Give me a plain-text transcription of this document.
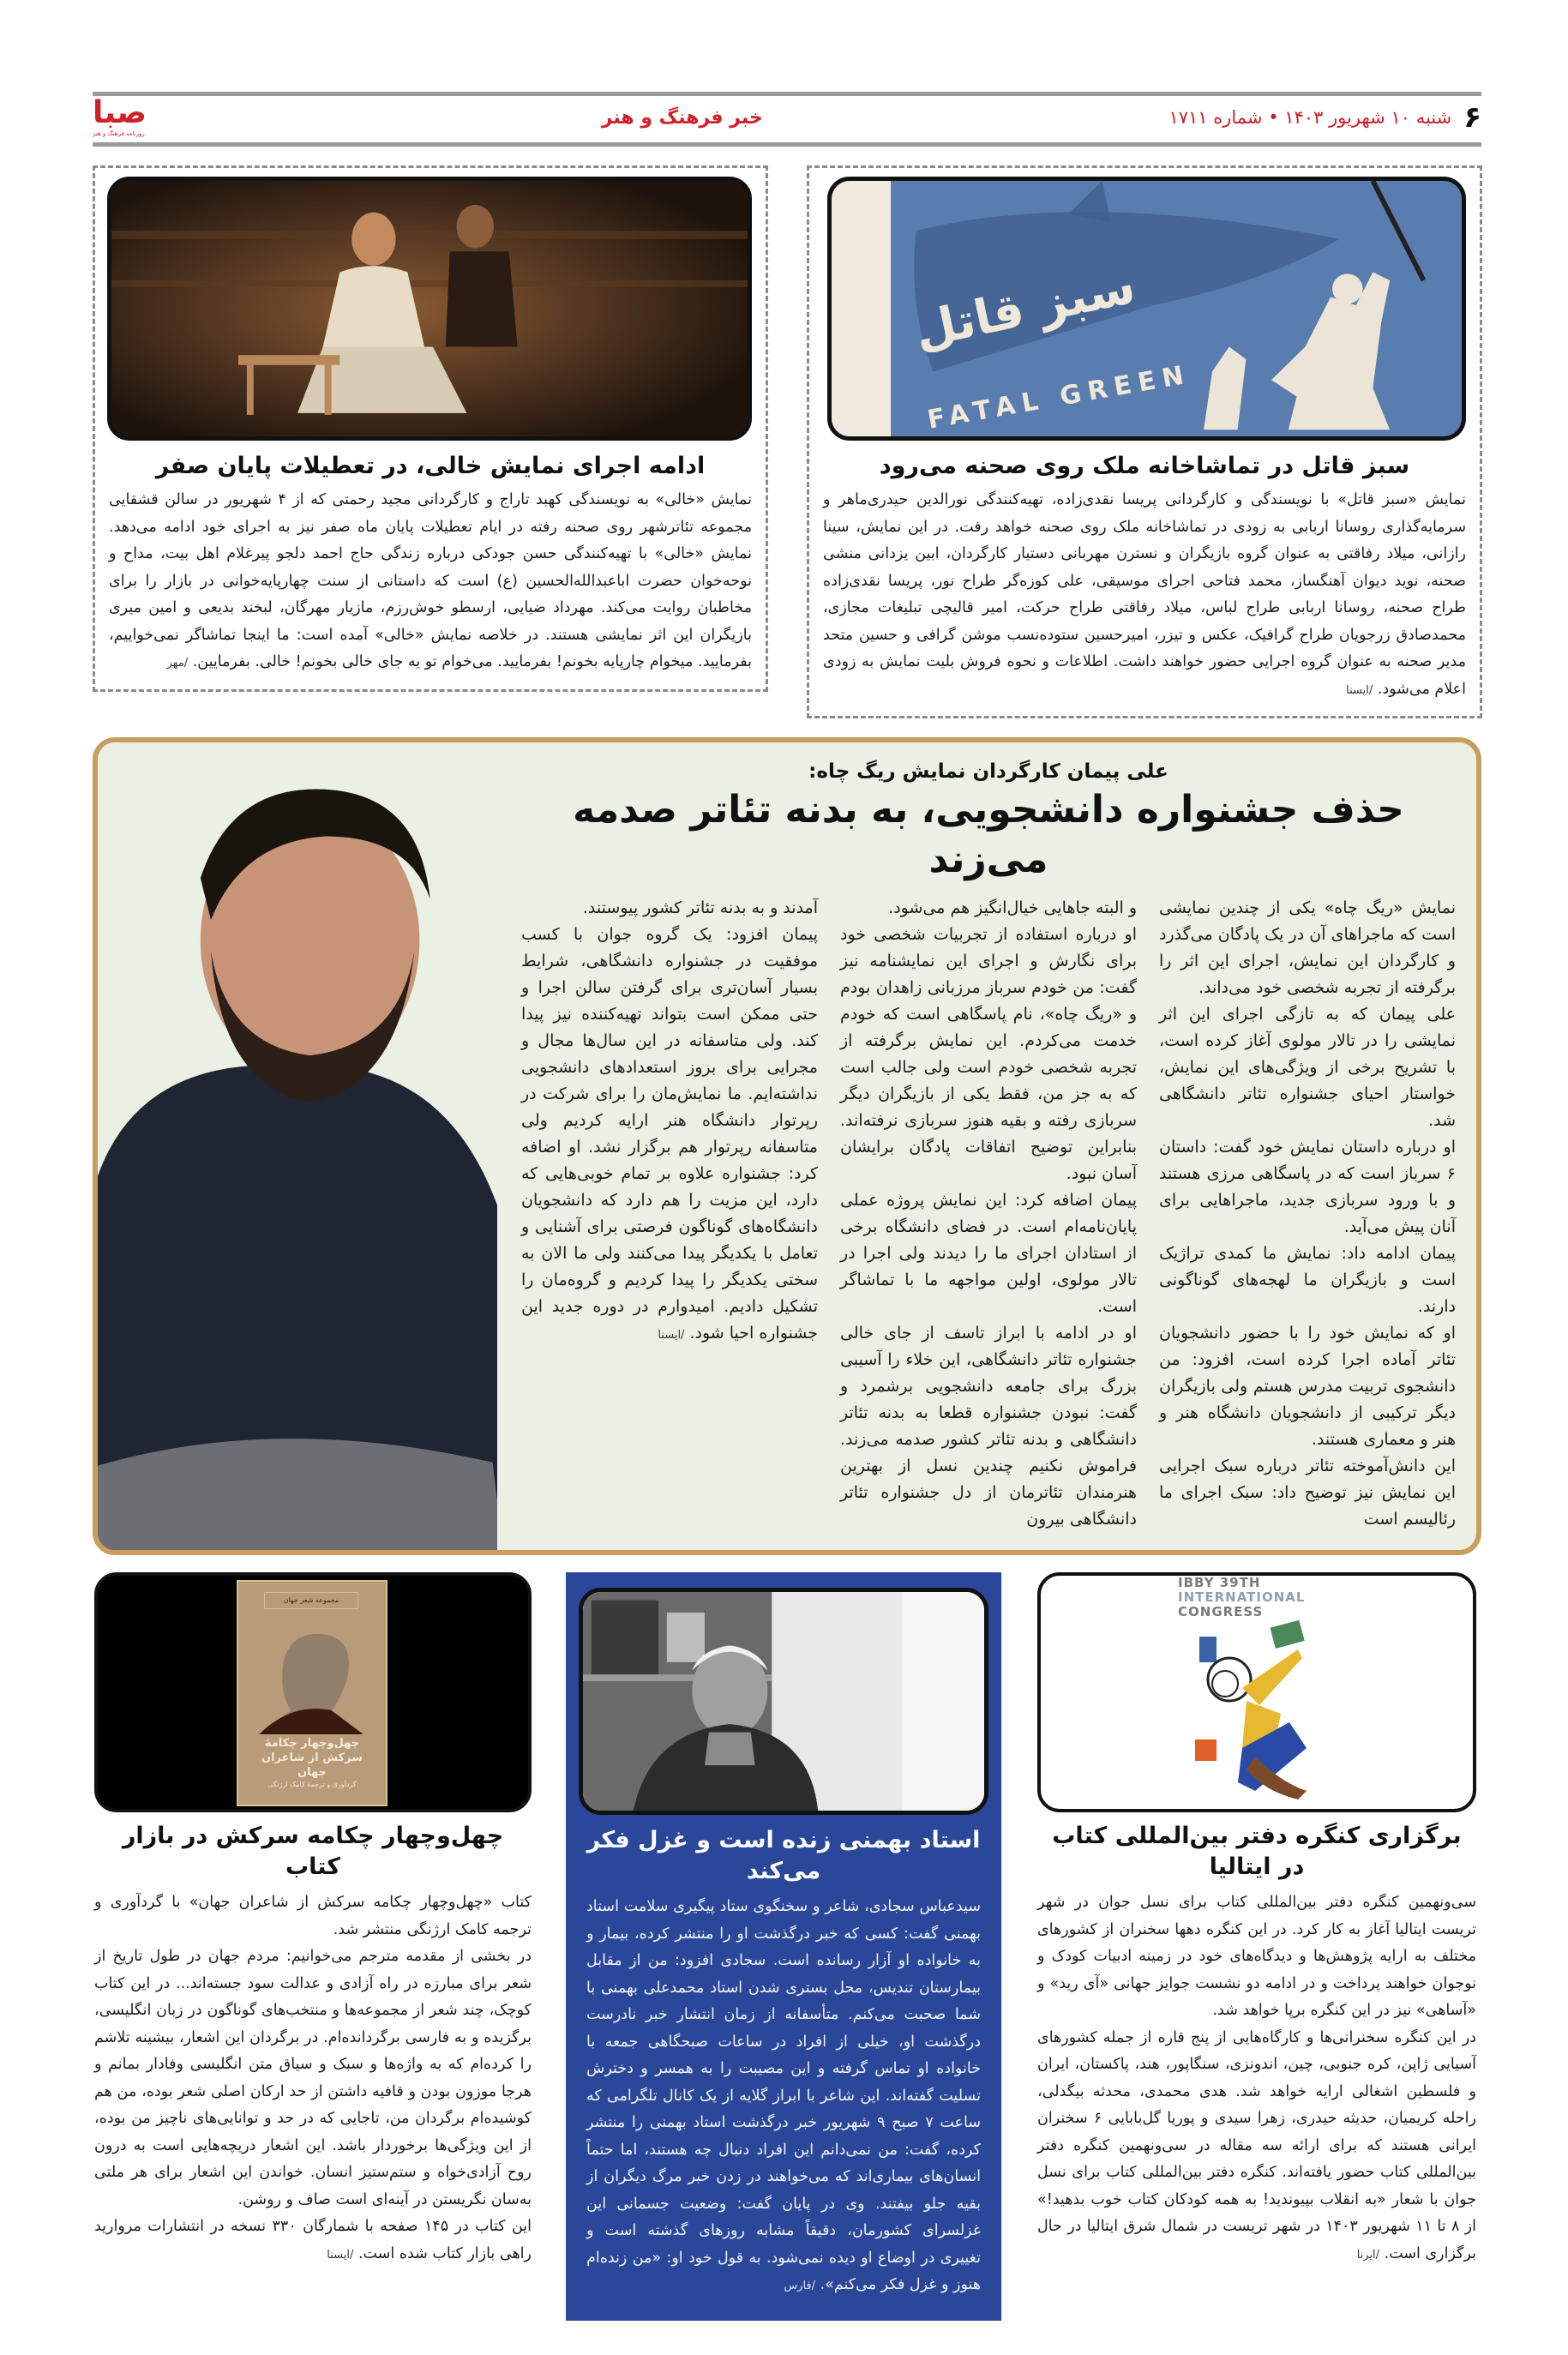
۶
شنبه ۱۰ شهریور ۱۴۰۳ • شماره ۱۷۱۱
خبر فرهنگ و هنر
صبا
روزنامه فرهنگ و هنر
سبز قاتل
FATAL GREEN
سبز قاتل در تماشاخانه ملک روی صحنه می‌رود
نمایش «سبز قاتل» با نویسندگی و کارگردانی پریسا نقدی‌زاده، تهیه‌کنندگی نورالدین حیدری‌ماهر و سرمایه‌گذاری روسانا اربابی به زودی در تماشاخانه ملک روی صحنه خواهد رفت. در این نمایش، سینا رازانی، میلاد رفاقتی به عنوان گروه بازیگران و نسترن مهربانی دستیار کارگردان، ابین یزدانی منشی صحنه، نوید دیوان آهنگساز، محمد فتاحی اجرای موسیقی، علی کوزه‌گر طراح نور، پریسا نقدی‌زاده طراح صحنه، روسانا اربابی طراح لباس، میلاد رفاقتی طراح حرکت، امیر قالیچی تبلیغات مجازی، محمدصادق زرجویان طراح گرافیک، عکس و تیزر، امیرحسین ستوده‌نسب موشن گرافی و حسین متحد مدیر صحنه به عنوان گروه اجرایی حضور خواهند داشت. اطلاعات و نحوه فروش بلیت نمایش به زودی اعلام می‌شود. /ایسنا
ادامه اجرای نمایش خالی، در تعطیلات پایان صفر
نمایش «خالی» به نویسندگی کهبد تاراج و کارگردانی مجید رحمتی که از ۴ شهریور در سالن قشقایی مجموعه تئاترشهر روی صحنه رفته در ایام تعطیلات پایان ماه صفر نیز به اجرای خود ادامه می‌دهد. نمایش «خالی» با تهیه‌کنندگی حسن جودکی درباره زندگی حاج احمد دلجو پیرغلام اهل بیت، مداح و نوحه‌خوان حضرت اباعبدالله‌الحسین (ع) است که داستانی از سنت چهارپایه‌خوانی در بازار را برای مخاطبان روایت می‌کند. مهرداد ضیایی، ارسطو خوش‌رزم، مازیار مهرگان، لبخند بدیعی و امین میری بازیگران این اثر نمایشی هستند. در خلاصه نمایش «خالی» آمده است: ما اینجا تماشاگر نمی‌خواییم، بفرمایید. میخوام چارپایه بخونم! بفرمایید. می‌خوام تو یه جای خالی بخونم! خالی. بفرمایین. /مهر
علی پیمان کارگردان نمایش ریگ چاه:
حذف جشنواره دانشجویی، به بدنه تئاتر صدمه می‌زند
نمایش «ریگ چاه» یکی از چندین نمایشی است که ماجراهای آن در یک پادگان می‌گذرد و کارگردان این نمایش، اجرای این اثر را برگرفته از تجربه شخصی خود می‌داند.
علی پیمان که به تازگی اجرای این اثر نمایشی را در تالار مولوی آغاز کرده است، با تشریح برخی از ویژگی‌های این نمایش، خواستار احیای جشنواره تئاتر دانشگاهی شد.
او درباره داستان نمایش خود گفت: داستان ۶ سرباز است که در پاسگاهی مرزی هستند و با ورود سربازی جدید، ماجراهایی برای آنان پیش می‌آید.
پیمان ادامه داد: نمایش ما کمدی تراژیک است و بازیگران ما لهجه‌های گوناگونی دارند.
او که نمایش خود را با حضور دانشجویان تئاتر آماده اجرا کرده است، افزود: من دانشجوی تربیت مدرس هستم ولی بازیگران دیگر ترکیبی از دانشجویان دانشگاه هنر و هنر و معماری هستند.
این دانش‌آموخته تئاتر درباره سبک اجرایی این نمایش نیز توضیح داد: سبک اجرای ما رئالیسم است
و البته جاهایی خیال‌انگیز هم می‌شود.
او درباره استفاده از تجربیات شخصی خود برای نگارش و اجرای این نمایشنامه نیز گفت: من خودم سرباز مرزبانی زاهدان بودم و «ریگ چاه»، نام پاسگاهی است که خودم خدمت می‌کردم. این نمایش برگرفته از تجربه شخصی خودم است ولی جالب است که به جز من، فقط یکی از بازیگران دیگر سربازی رفته و بقیه هنوز سربازی نرفته‌اند. بنابراین توضیح اتفاقات پادگان برایشان آسان نبود.
پیمان اضافه کرد: این نمایش پروژه عملی پایان‌نامه‌ام است. در فضای دانشگاه برخی از استادان اجرای ما را دیدند ولی اجرا در تالار مولوی، اولین مواجهه ما با تماشاگر است.
او در ادامه با ابراز تاسف از جای خالی جشنواره تئاتر دانشگاهی، این خلاء را آسیبی بزرگ برای جامعه دانشجویی برشمرد و گفت: نبودن جشنواره قطعا به بدنه تئاتر دانشگاهی و بدنه تئاتر کشور صدمه می‌زند. فراموش نکنیم چندین نسل از بهترین هنرمندان تئاترمان از دل جشنواره تئاتر دانشگاهی بیرون
آمدند و به بدنه تئاتر کشور پیوستند.
پیمان افزود: یک گروه جوان با کسب موفقیت در جشنواره دانشگاهی، شرایط بسیار آسان‌تری برای گرفتن سالن اجرا و حتی ممکن است بتواند تهیه‌کننده نیز پیدا کند. ولی متاسفانه در این سال‌ها مجال و مجرایی برای بروز استعدادهای دانشجویی نداشته‌ایم. ما نمایش‌مان را برای شرکت در رپرتوار دانشگاه هنر ارایه کردیم ولی متاسفانه رپرتوار هم برگزار نشد. او اضافه کرد: جشنواره علاوه بر تمام خوبی‌هایی که دارد، این مزیت را هم دارد که دانشجویان دانشگاه‌های گوناگون فرصتی برای آشنایی و تعامل با یکدیگر پیدا می‌کنند ولی ما الان به سختی یکدیگر را پیدا کردیم و گروه‌مان را تشکیل دادیم. امیدوارم در دوره جدید این جشنواره احیا شود. /ایسنا
IBBY 39TH
INTERNATIONAL
CONGRESS
برگزاری کنگره دفتر بین‌المللی کتاب در ایتالیا
سی‌ونهمین کنگره دفتر بین‌المللی کتاب برای نسل جوان در شهر تریست ایتالیا آغاز به کار کرد. در این کنگره دهها سخنران از کشورهای مختلف به ارایه پژوهش‌ها و دیدگاه‌های خود در زمینه ادبیات کودک و نوجوان خواهند پرداخت و در ادامه دو نشست جوایز جهانی «آی رید» و «آساهی» نیز در این کنگره برپا خواهد شد.
در این کنگره سخنرانی‌ها و کارگاه‌هایی از پنج قاره از جمله کشورهای آسیایی ژاپن، کره جنوبی، چین، اندونزی، سنگاپور، هند، پاکستان، ایران و فلسطین اشغالی ارایه خواهد شد. هدی محمدی، محدثه بیگدلی، راحله کریمیان، حدیثه حیدری، زهرا سیدی و پوریا گل‌بابایی ۶ سخنران ایرانی هستند که برای ارائه سه مقاله در سی‌ونهمین کنگره دفتر بین‌المللی کتاب حضور یافته‌اند. کنگره دفتر بین‌المللی کتاب برای نسل جوان با شعار «به انقلاب بپیوندید! به همه کودکان کتاب خوب بدهید!» از ۸ تا ۱۱ شهریور ۱۴۰۳ در شهر تریست در شمال شرق ایتالیا در حال برگزاری است. /ایرنا
استاد بهمنی زنده است و غزل فکر می‌کند
سیدعباس سجادی، شاعر و سخنگوی ستاد پیگیری سلامت استاد بهمنی گفت: کسی که خبر درگذشت او را منتشر کرده، بیمار و به خانواده او آزار رسانده است. سجادی افزود: من از مقابل بیمارستان تندیس، محل بستری شدن استاد محمدعلی بهمنی با شما صحبت می‌کنم. متأسفانه از زمان انتشار خبر نادرست درگذشت او، خیلی از افراد در ساعات صبحگاهی جمعه با خانواده او تماس گرفته و این مصیبت را به همسر و دخترش تسلیت گفته‌اند. این شاعر با ابراز گلایه از یک کانال تلگرامی که ساعت ۷ صبح ۹ شهریور خبر درگذشت استاد بهمنی را منتشر کرده، گفت: من نمی‌دانم این افراد دنبال چه هستند، اما حتماً انسان‌های بیماری‌اند که می‌خواهند در زدن خبر مرگ دیگران از بقیه جلو بیفتند. وی در پایان گفت: وضعیت جسمانی این غزلسرای کشورمان، دقیقاً مشابه روزهای گذشته است و تغییری در اوضاع او دیده نمی‌شود. به قول خود او: «من زنده‌ام هنوز و غزل فکر می‌کنم». /فارس
مجموعه شعر جهان
چهل‌وچهار چکامهٔ سرکش از شاعران جهان
گردآوری و ترجمهٔ کامک ارژنگی
چهل‌وچهار چکامه سرکش در بازار کتاب
کتاب «چهل‌وچهار چکامه سرکش از شاعران جهان» با گردآوری و ترجمه کامک ارژنگی منتشر شد.
در بخشی از مقدمه مترجم می‌خوانیم: مردم جهان در طول تاریخ از شعر برای مبارزه در راه آزادی و عدالت سود جسته‌اند... در این کتاب کوچک، چند شعر از مجموعه‌ها و منتخب‌های گوناگون در زبان انگلیسی، برگزیده و به فارسی برگردانده‌ام. در برگردان این اشعار، بیشینه تلاشم را کرده‌ام که به واژه‌ها و سبک و سیاق متن انگلیسی وفادار بمانم و هرجا موزون بودن و قافیه داشتن از حد ارکان اصلی شعر بوده، من هم کوشیده‌ام برگردان من، تاجایی که در حد و توانایی‌های ناچیز من بوده، از این ویژگی‌ها برخوردار باشد. این اشعار دریچه‌هایی است به درون روح آزادی‌خواه و ستم‌ستیز انسان. خواندن این اشعار برای هر ملتی به‌سان نگریستن در آینه‌ای است صاف و روشن.
این کتاب در ۱۴۵ صفحه با شمارگان ۳۳۰ نسخه در انتشارات مروارید راهی بازار کتاب شده است. /ایسنا
